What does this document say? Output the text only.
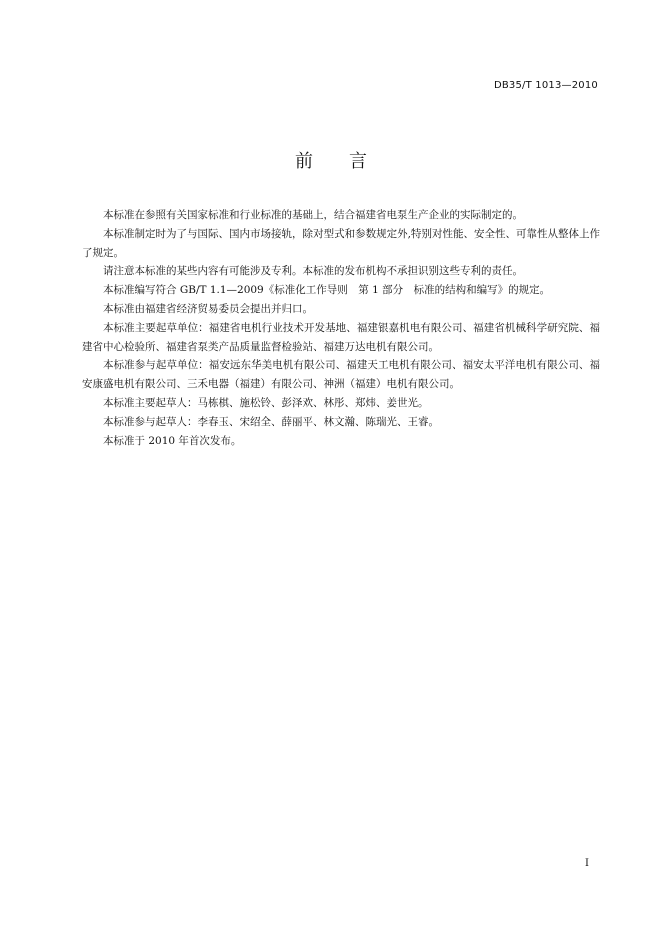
DB35/T 1013—2010
前言

本标准在参照有关国家标准和行业标准的基础上，结合福建省电泵生产企业的实际制定的。

本标准制定时为了与国际、国内市场接轨，除对型式和参数规定外,特别对性能、安全性、可靠性从整体上作了规定。

请注意本标准的某些内容有可能涉及专利。本标准的发布机构不承担识别这些专利的责任。

本标准编写符合 GB/T 1.1—2009《标准化工作导则　第 1 部分　标准的结构和编写》的规定。

本标准由福建省经济贸易委员会提出并归口。

本标准主要起草单位：福建省电机行业技术开发基地、福建银嘉机电有限公司、福建省机械科学研究院、福建省中心检验所、福建省泵类产品质量监督检验站、福建万达电机有限公司。

本标准参与起草单位：福安远东华美电机有限公司、福建天工电机有限公司、福安太平洋电机有限公司、福安康盛电机有限公司、三禾电器（福建）有限公司、神洲（福建）电机有限公司。

本标准主要起草人：马栋棋、施松铃、彭泽欢、林彤、郑炜、姜世光。

本标准参与起草人：李春玉、宋绍全、薛丽平、林文瀚、陈瑞光、王睿。

本标准于 2010 年首次发布。

I
